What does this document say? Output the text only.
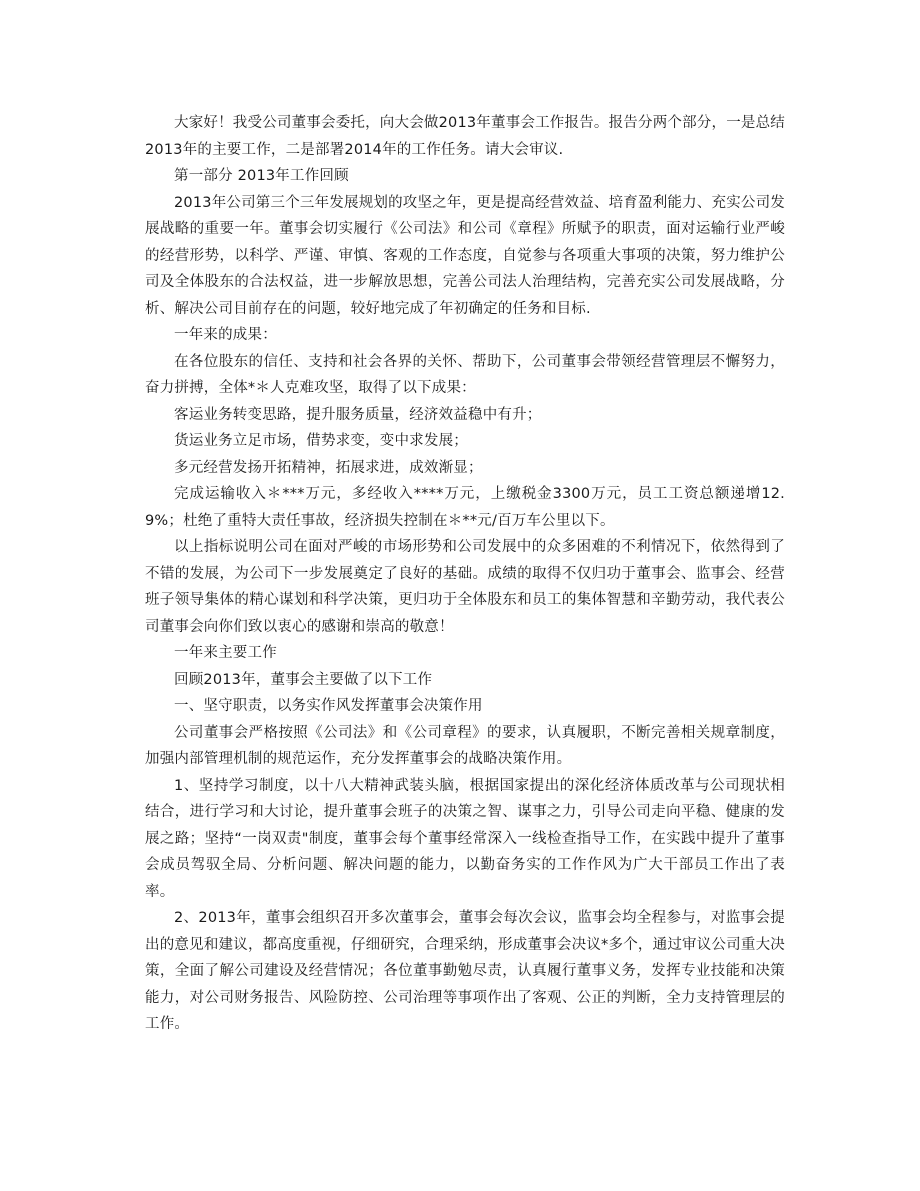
大家好！我受公司董事会委托，向大会做2013年董事会工作报告。报告分两个部分，一是总结2013年的主要工作，二是部署2014年的工作任务。请大会审议.

第一部分 2013年工作回顾

2013年公司第三个三年发展规划的攻坚之年，更是提高经营效益、培育盈利能力、充实公司发展战略的重要一年。董事会切实履行《公司法》和公司《章程》所赋予的职责，面对运输行业严峻的经营形势，以科学、严谨、审慎、客观的工作态度，自觉参与各项重大事项的决策，努力维护公司及全体股东的合法权益，进一步解放思想，完善公司法人治理结构，完善充实公司发展战略，分析、解决公司目前存在的问题，较好地完成了年初确定的任务和目标.

一年来的成果：

在各位股东的信任、支持和社会各界的关怀、帮助下，公司董事会带领经营管理层不懈努力，奋力拼搏，全体*＊人克难攻坚，取得了以下成果：

客运业务转变思路，提升服务质量，经济效益稳中有升；

货运业务立足市场，借势求变，变中求发展；

多元经营发扬开拓精神，拓展求进，成效渐显；

完成运输收入＊***万元，多经收入****万元，上缴税金3300万元，员工工资总额递增12.9%；杜绝了重特大责任事故，经济损失控制在＊**元/百万车公里以下。

以上指标说明公司在面对严峻的市场形势和公司发展中的众多困难的不利情况下，依然得到了不错的发展，为公司下一步发展奠定了良好的基础。成绩的取得不仅归功于董事会、监事会、经营班子领导集体的精心谋划和科学决策，更归功于全体股东和员工的集体智慧和辛勤劳动，我代表公司董事会向你们致以衷心的感谢和崇高的敬意！

一年来主要工作

回顾2013年，董事会主要做了以下工作

一、坚守职责，以务实作风发挥董事会决策作用

公司董事会严格按照《公司法》和《公司章程》的要求，认真履职，不断完善相关规章制度，加强内部管理机制的规范运作，充分发挥董事会的战略决策作用。

1、坚持学习制度，以十八大精神武装头脑，根据国家提出的深化经济体质改革与公司现状相结合，进行学习和大讨论，提升董事会班子的决策之智、谋事之力，引导公司走向平稳、健康的发展之路；坚持“一岗双责"制度，董事会每个董事经常深入一线检查指导工作，在实践中提升了董事会成员驾驭全局、分析问题、解决问题的能力，以勤奋务实的工作作风为广大干部员工作出了表率。

2、2013年，董事会组织召开多次董事会，董事会每次会议，监事会均全程参与，对监事会提出的意见和建议，都高度重视，仔细研究，合理采纳，形成董事会决议*多个，通过审议公司重大决策，全面了解公司建设及经营情况；各位董事勤勉尽责，认真履行董事义务，发挥专业技能和决策能力，对公司财务报告、风险防控、公司治理等事项作出了客观、公正的判断，全力支持管理层的工作。
